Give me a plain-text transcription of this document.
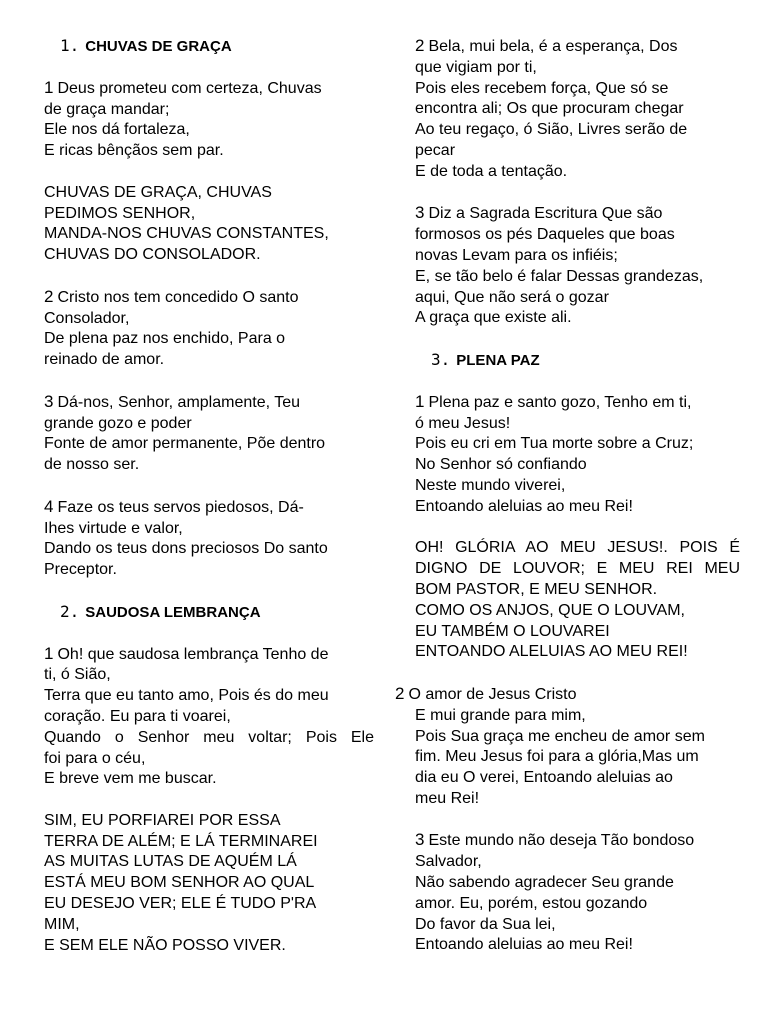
1. CHUVAS DE GRAÇA
1 Deus prometeu com certeza, Chuvas
de graça mandar;
Ele nos dá fortaleza,
E ricas bênçãos sem par.
CHUVAS DE GRAÇA, CHUVAS
PEDIMOS SENHOR,
MANDA-NOS CHUVAS CONSTANTES,
CHUVAS DO CONSOLADOR.
2 Cristo nos tem concedido O santo
Consolador,
De plena paz nos enchido, Para o
reinado de amor.
3 Dá-nos, Senhor, amplamente, Teu
grande gozo e poder
Fonte de amor permanente, Põe dentro
de nosso ser.
4 Faze os teus servos piedosos, Dá-
Ihes virtude e valor,
Dando os teus dons preciosos Do santo
Preceptor.
2. SAUDOSA LEMBRANÇA
1 Oh! que saudosa lembrança Tenho de
ti, ó Sião,
Terra que eu tanto amo, Pois és do meu
coração. Eu para ti voarei,
Quando o Senhor meu voltar; Pois Ele
foi para o céu,
E breve vem me buscar.
SIM, EU PORFIAREI POR ESSA
TERRA DE ALÉM; E LÁ TERMINAREI
AS MUITAS LUTAS DE AQUÉM LÁ
ESTÁ MEU BOM SENHOR AO QUAL
EU DESEJO VER; ELE É TUDO P'RA
MIM,
E SEM ELE NÃO POSSO VIVER.
2 Bela, mui bela, é a esperança, Dos
que vigiam por ti,
Pois eles recebem força, Que só se
encontra ali; Os que procuram chegar
Ao teu regaço, ó Sião, Livres serão de
pecar
E de toda a tentação.
3 Diz a Sagrada Escritura Que são
formosos os pés Daqueles que boas
novas Levam para os infiéis;
E, se tão belo é falar Dessas grandezas,
aqui, Que não será o gozar
A graça que existe ali.
3. PLENA PAZ
1 Plena paz e santo gozo, Tenho em ti,
ó meu Jesus!
Pois eu cri em Tua morte sobre a Cruz;
No Senhor só confiando
Neste mundo viverei,
Entoando aleluias ao meu Rei!
OH! GLÓRIA AO MEU JESUS!. POIS É
DIGNO DE LOUVOR; E MEU REI MEU
BOM PASTOR, E MEU SENHOR.
COMO OS ANJOS, QUE O LOUVAM,
EU TAMBÉM O LOUVAREI
ENTOANDO ALELUIAS AO MEU REI!
2 O amor de Jesus Cristo
E mui grande para mim,
Pois Sua graça me encheu de amor sem
fim. Meu Jesus foi para a glória,Mas um
dia eu O verei, Entoando aleluias ao
meu Rei!
3 Este mundo não deseja Tão bondoso
Salvador,
Não sabendo agradecer Seu grande
amor. Eu, porém, estou gozando
Do favor da Sua lei,
Entoando aleluias ao meu Rei!
